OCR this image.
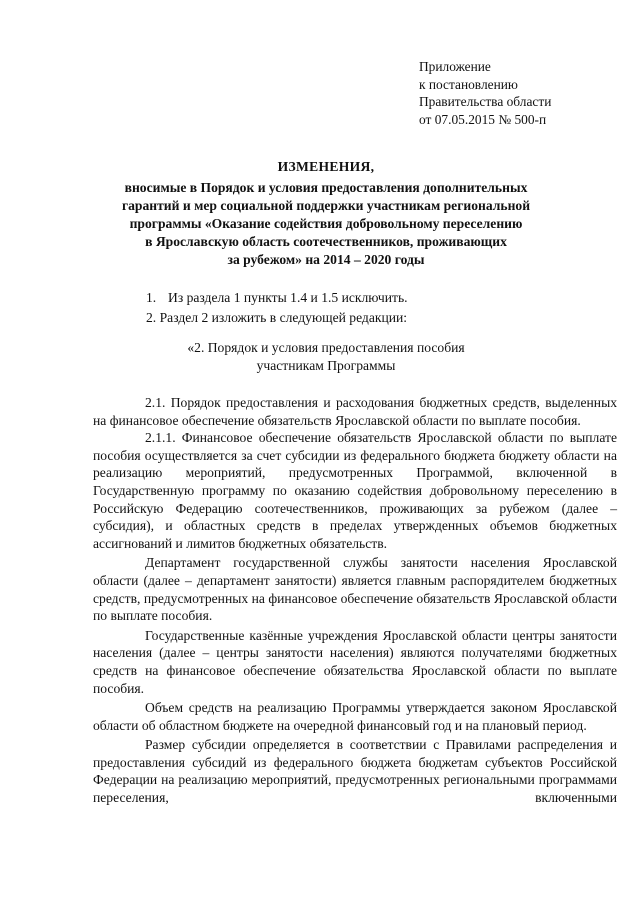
Приложение
к постановлению
Правительства области
от 07.05.2015 № 500-п
ИЗМЕНЕНИЯ,
вносимые в Порядок и условия предоставления дополнительных
гарантий и мер социальной поддержки участникам региональной
программы «Оказание содействия добровольному переселению
в Ярославскую область соотечественников, проживающих
за рубежом» на 2014 – 2020 годы
1. Из раздела 1 пункты 1.4 и 1.5 исключить.
2. Раздел 2 изложить в следующей редакции:
«2. Порядок и условия предоставления пособия
участникам Программы

2.1. Порядок предоставления и расходования бюджетных средств, выделенных на финансовое обеспечение обязательств Ярославской области по выплате пособия.

2.1.1. Финансовое обеспечение обязательств Ярославской области по выплате пособия осуществляется за счет субсидии из федерального бюджета бюджету области на реализацию мероприятий, предусмотренных Программой, включенной в Государственную программу по оказанию содействия добровольному переселению в Российскую Федерацию соотечественников, проживающих за рубежом (далее – субсидия), и областных средств в пределах утвержденных объемов бюджетных ассигнований и лимитов бюджетных обязательств.

Департамент государственной службы занятости населения Ярославской области (далее – департамент занятости) является главным распорядителем бюджетных средств, предусмотренных на финансовое обеспечение обязательств Ярославской области по выплате пособия.

Государственные казённые учреждения Ярославской области центры занятости населения (далее – центры занятости населения) являются получателями бюджетных средств на финансовое обеспечение обязательства Ярославской области по выплате пособия.

Объем средств на реализацию Программы утверждается законом Ярославской области об областном бюджете на очередной финансовый год и на плановый период.

Размер субсидии определяется в соответствии с Правилами распределения и предоставления субсидий из федерального бюджета бюджетам субъектов Российской Федерации на реализацию мероприятий, предусмотренных региональными программами переселения, включенными
